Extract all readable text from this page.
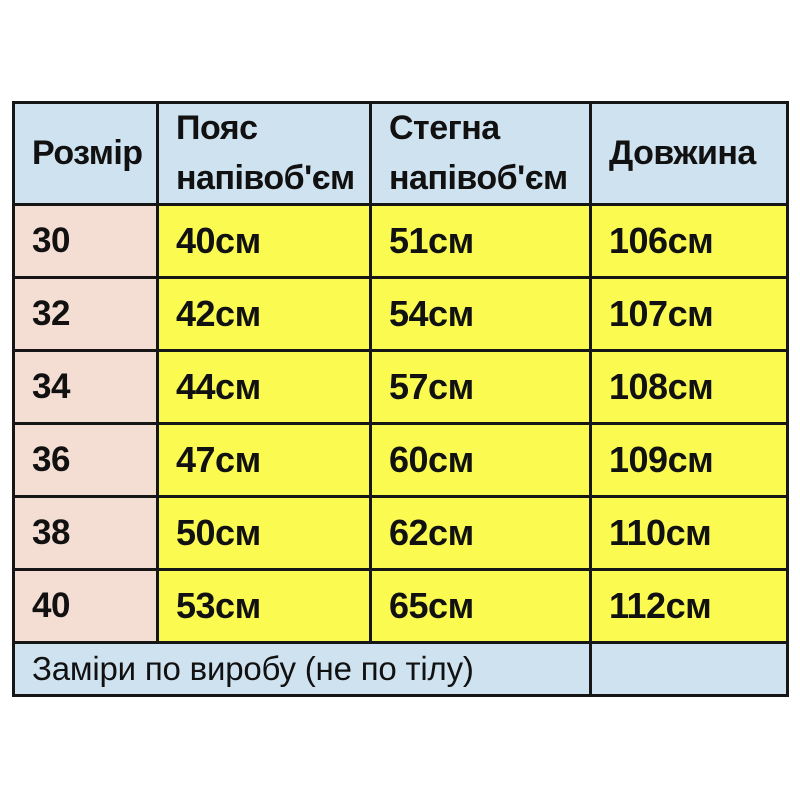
Розмір	Пояс напівоб'єм	Стегна напівоб'єм	Довжина
30	40см	51см	106см
32	42см	54см	107см
34	44см	57см	108см
36	47см	60см	109см
38	50см	62см	110см
40	53см	65см	112см
Заміри по виробу (не по тілу)			
